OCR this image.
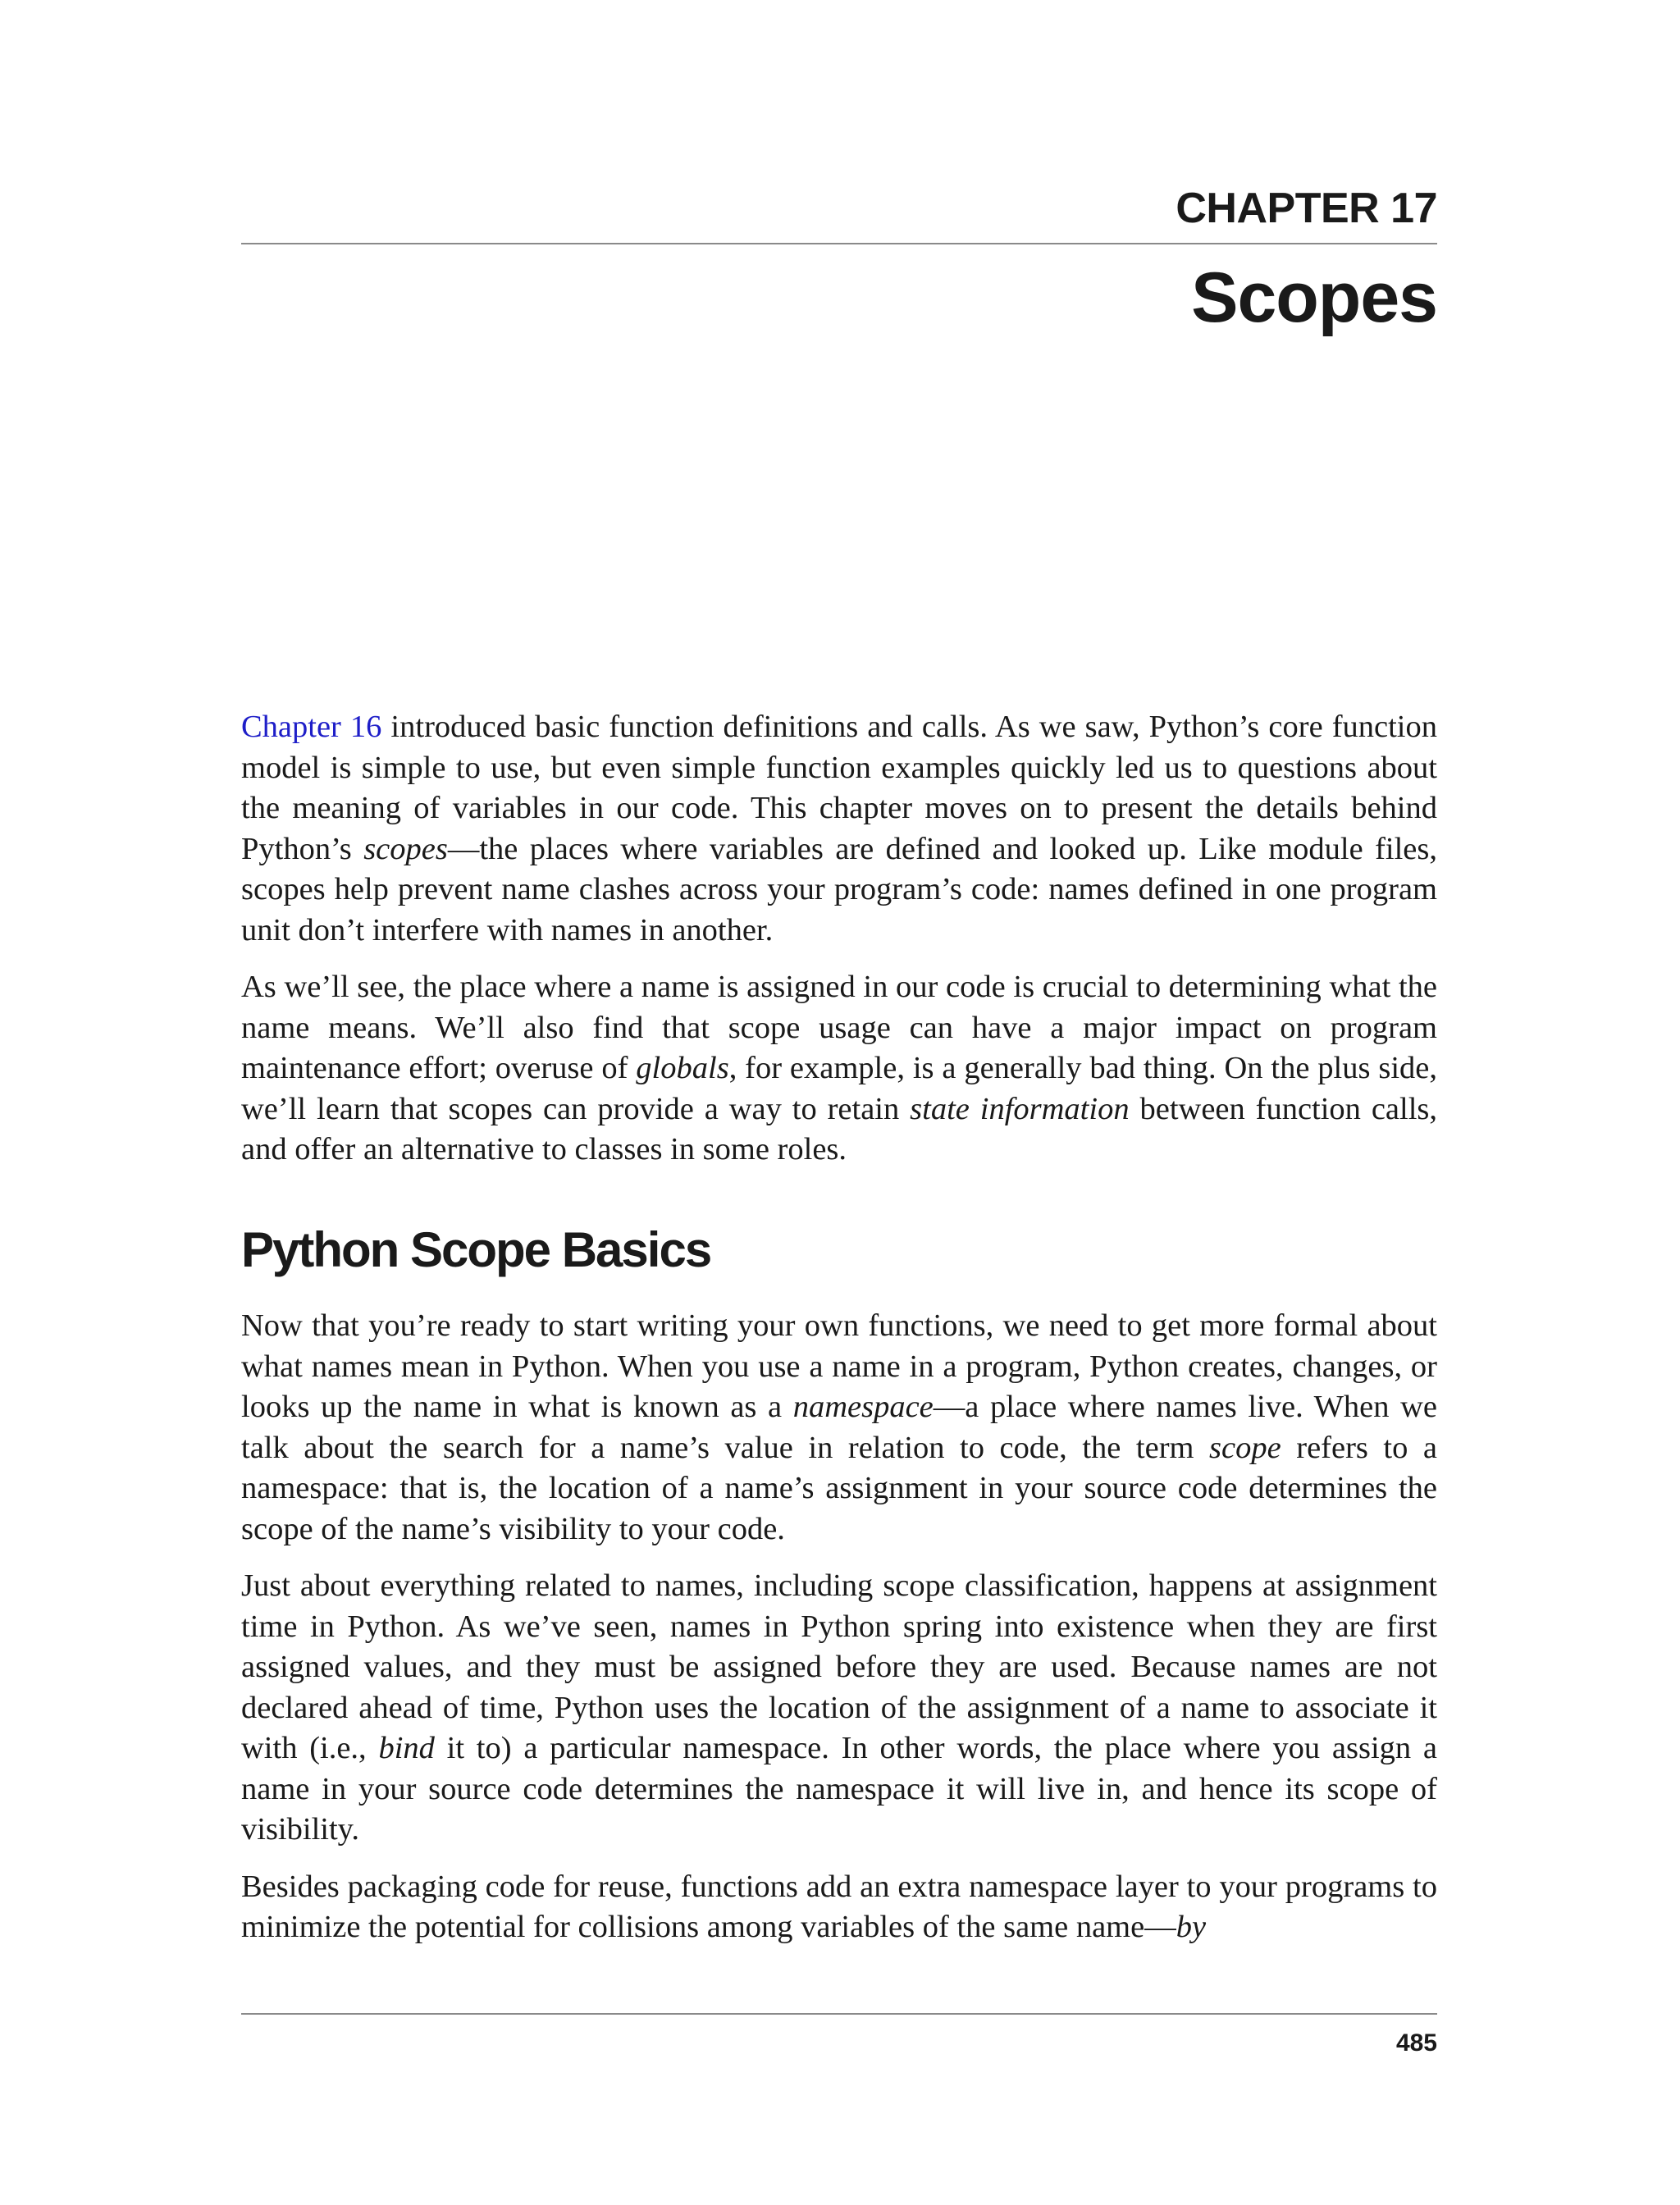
CHAPTER 17
Scopes

Chapter 16 introduced basic function definitions and calls. As we saw, Python’s core function model is simple to use, but even simple function examples quickly led us to questions about the meaning of variables in our code. This chapter moves on to present the details behind Python’s scopes—the places where variables are defined and looked up. Like module files, scopes help prevent name clashes across your program’s code: names defined in one program unit don’t interfere with names in another.

As we’ll see, the place where a name is assigned in our code is crucial to determining what the name means. We’ll also find that scope usage can have a major impact on program maintenance effort; overuse of globals, for example, is a generally bad thing. On the plus side, we’ll learn that scopes can provide a way to retain state information between function calls, and offer an alternative to classes in some roles.

Python Scope Basics

Now that you’re ready to start writing your own functions, we need to get more formal about what names mean in Python. When you use a name in a program, Python creates, changes, or looks up the name in what is known as a namespace—a place where names live. When we talk about the search for a name’s value in relation to code, the term scope refers to a namespace: that is, the location of a name’s assignment in your source code determines the scope of the name’s visibility to your code.

Just about everything related to names, including scope classification, happens at assignment time in Python. As we’ve seen, names in Python spring into existence when they are first assigned values, and they must be assigned before they are used. Because names are not declared ahead of time, Python uses the location of the assignment of a name to associate it with (i.e., bind it to) a particular namespace. In other words, the place where you assign a name in your source code determines the namespace it will live in, and hence its scope of visibility.

Besides packaging code for reuse, functions add an extra namespace layer to your programs to minimize the potential for collisions among variables of the same name—by

485
